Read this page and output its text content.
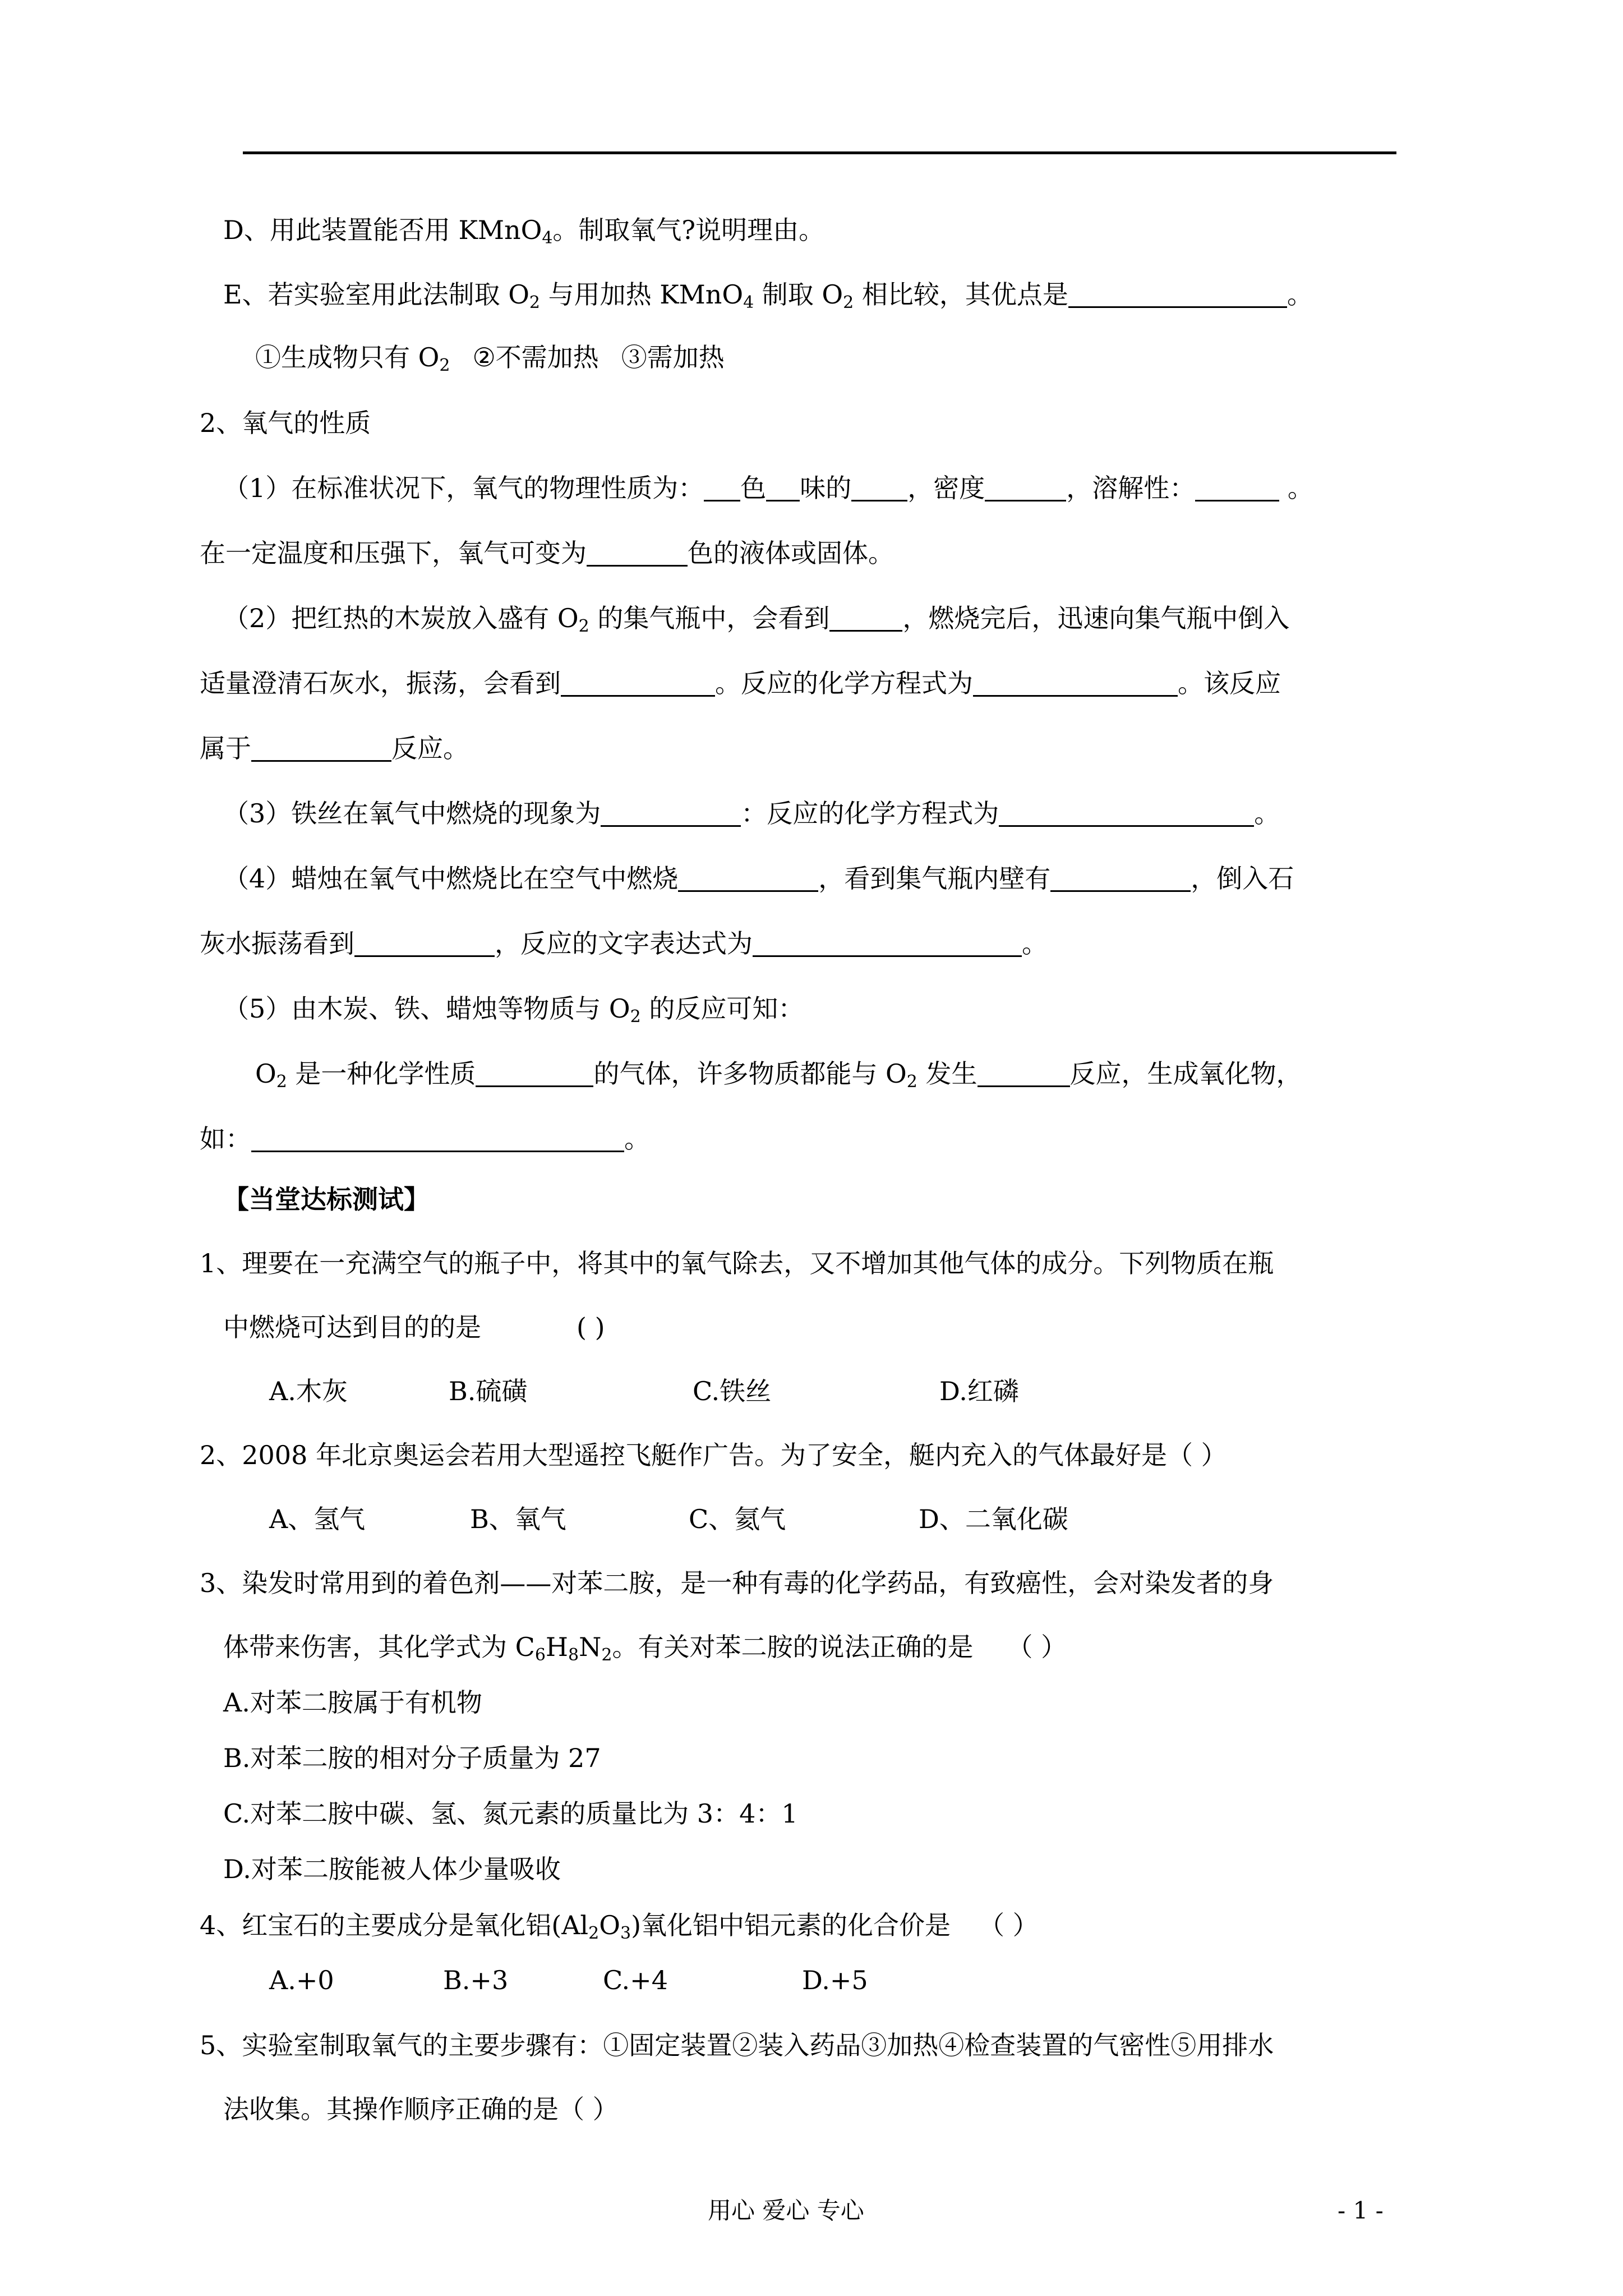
D、用此装置能否用 KMnO$_4$。制取氧气?说明理由。
E、若实验室用此法制取 $O_2$ 与用加热 KMnO$_4$ 制取 $O_2$ 相比较，其优点是	。
①生成物只有 $O_2$ ②不需加热 ③需加热
2、氧气的性质
（1）在标准状况下，氧气的物理性质为： 色 味的 ，密度	，溶解性：	。
在一定温度和压强下，氧气可变为	色的液体或固体。
（2）把红热的木炭放入盛有 $O_2$ 的集气瓶中，会看到	，燃烧完后，迅速向集气瓶中倒入
适量澄清石灰水，振荡，会看到	。反应的化学方程式为	。该反应
属于	反应。
（3）铁丝在氧气中燃烧的现象为	：反应的化学方程式为	。
（4）蜡烛在氧气中燃烧比在空气中燃烧	，看到集气瓶内壁有	，倒入石
灰水振荡看到	，反应的文字表达式为	。
（5）由木炭、铁、蜡烛等物质与 $O_2$ 的反应可知：
$O_2$ 是一种化学性质	的气体，许多物质都能与 $O_2$ 发生	反应，生成氧化物，
如：	。
【当堂达标测试】
1、理要在一充满空气的瓶子中，将其中的氧气除去，又不增加其他气体的成分。下列物质在瓶
中燃烧可达到目的的是	( )
A.木灰	B.硫磺	C.铁丝	D.红磷
2、2008 年北京奥运会若用大型遥控飞艇作广告。为了安全，艇内充入的气体最好是（ ）
A、氢气	B、氧气	C、氦气	D、二氧化碳
3、染发时常用到的着色剂——对苯二胺，是一种有毒的化学药品，有致癌性，会对染发者的身
体带来伤害，其化学式为 $C_6H_8N_2$。有关对苯二胺的说法正确的是 （ ）
A.对苯二胺属于有机物
B.对苯二胺的相对分子质量为 27
C.对苯二胺中碳、氢、氮元素的质量比为 3：4：1
D.对苯二胺能被人体少量吸收
4、红宝石的主要成分是氧化铝$(Al_2O_3)$氧化铝中铝元素的化合价是 （ ）
A.+0	B.+3	C.+4	D.+5
5、实验室制取氧气的主要步骤有：①固定装置②装入药品③加热④检查装置的气密性⑤用排水
法收集。其操作顺序正确的是（ ）
用心 爱心 专心	- 1 -
